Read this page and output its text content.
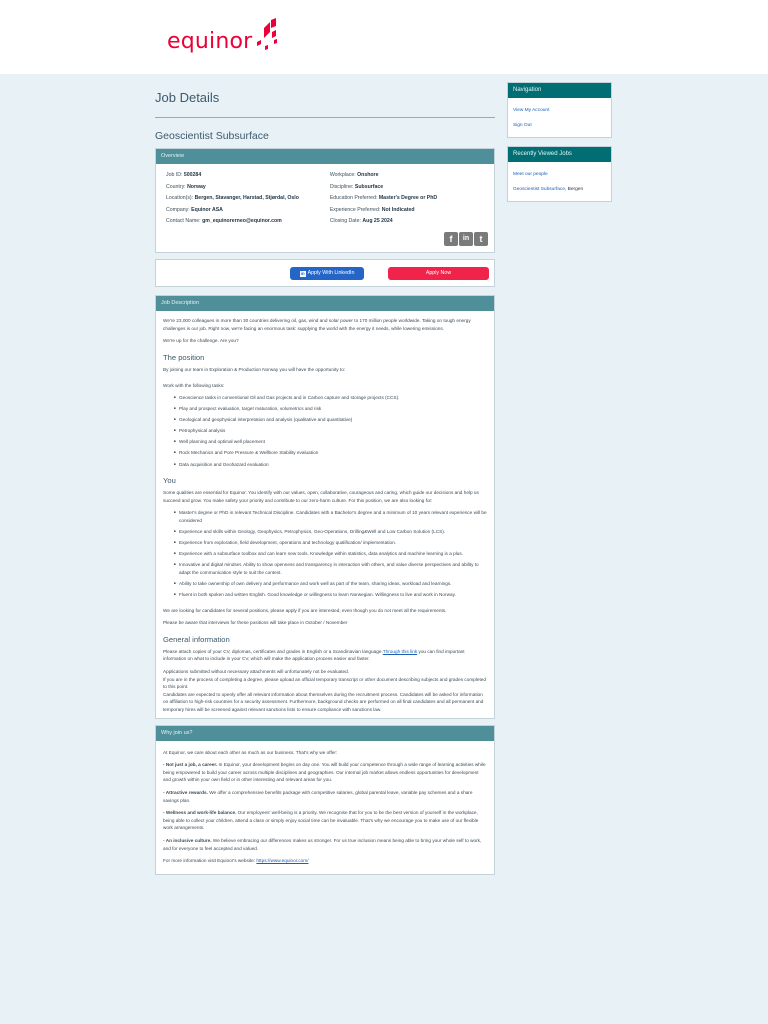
equinor
Job Details
Geoscientist Subsurface
Overview
Job ID: 500284
Country: Norway
Location(s): Bergen, Stavanger, Harstad, Stjørdal, Oslo
Company: Equinor ASA
Contact Name: gm_equinorerneo@equinor.com
Workplace: Onshore
Discipline: Subsurface
Education Preferred: Master's Degree or PhD
Experience Preferred: Not Indicated
Closing Date: Aug 25 2024
f	in	t
in Apply With LinkedIn	Apply Now
Job Description

We're 23,000 colleagues in more than 30 countries delivering oil, gas, wind and solar power to 170 million people worldwide. Taking on tough energy challenges is our job. Right now, we're facing an enormous task: supplying the world with the energy it needs, while lowering emissions.

We're up for the challenge. Are you?

The position

By joining our team in Exploration & Production Norway you will have the opportunity to:

Work with the following tasks:

■ Geoscience tasks in conventional Oil and Gas projects and in Carbon capture and storage projects (CCS).
■ Play and prospect evaluation, target maturation, volumetrics and risk
■ Geological and geophysical interpretation and analysis (qualitative and quantitative)
■ Petrophysical analysis
■ Well planning and optimal well placement
■ Rock Mechanics and Pore Pressure & Wellbore Stability evaluation
■ Data acquisition and Geohazard evaluation
You

Some qualities are essential for Equinor. You identify with our values, open, collaborative, courageous and caring, which guide our decisions and help us succeed and grow. You make safety your priority and contribute to our zero-harm culture. For this position, we are also looking for:

■ Master's degree or PhD in relevant Technical Discipline. Candidates with a Bachelor's degree and a minimum of 10 years relevant experience will be considered
■ Experience and skills within Geology, Geophysics, Petrophysics, Geo-Operations, Drilling&Well and Low Carbon Solution (LCS).
■ Experience from exploration, field development, operations and technology qualification/ implementation.
■ Experience with a subsurface toolbox and can learn new tools. Knowledge within statistics, data analytics and machine learning is a plus.
■ Innovative and digital mindset. Ability to show openness and transparency in interaction with others, and value diverse perspectives and ability to adapt the communication style to suit the context.
■ Ability to take ownership of own delivery and performance and work well as part of the team, sharing ideas, workload and learnings.
■ Fluent in both spoken and written English. Good knowledge or willingness to learn Norwegian. Willingness to live and work in Norway.

We are looking for candidates for several positions, please apply if you are interested, even though you do not meet all the requirements.

Please be aware that interviews for these positions will take place in October / November

General information

Please attach copies of your CV, diplomas, certificates and grades in English or a Scandinavian language.Through this link you can find important information on what to include in your CV, which will make the application process easier and faster.

Applications submitted without necessary attachments will unfortunately not be evaluated.
If you are in the process of completing a degree, please upload an official temporary transcript or other document describing subjects and grades completed to this point.
Candidates are expected to openly offer all relevant information about themselves during the recruitment process. Candidates will be asked for information on affiliation to high-risk countries for a security assessment. Furthermore, background checks are performed on all final candidates and all permanent and temporary hires will be screened against relevant sanctions lists to ensure compliance with sanctions law.

Why join us?

At Equinor, we care about each other as much as our business. That's why we offer:

- Not just a job, a career. In Equinor, your development begins on day one. You will build your competence through a wide range of learning activities while being empowered to build your career across multiple disciplines and geographies. Our internal job market allows endless opportunities for development and growth within your own field or in other interesting and relevant areas for you.

- Attractive rewards. We offer a comprehensive benefits package with competitive salaries, global parental leave, variable pay schemes and a share savings plan.

- Wellness and work-life balance. Our employees' well-being is a priority. We recognise that for you to be the best version of yourself in the workplace, being able to collect your children, attend a class or simply enjoy social time can be invaluable. That's why we encourage you to make use of our flexible work arrangements.

- An inclusive culture. We believe embracing our differences makes us stronger. For us true inclusion means being able to bring your whole self to work, and for everyone to feel accepted and valued.

For more information visit Equinor's website: https://www.equinor.com/

Navigation
View My Account
Sign Out
Recently Viewed Jobs
Meet our people
Geoscientist Subsurface, Bergen
